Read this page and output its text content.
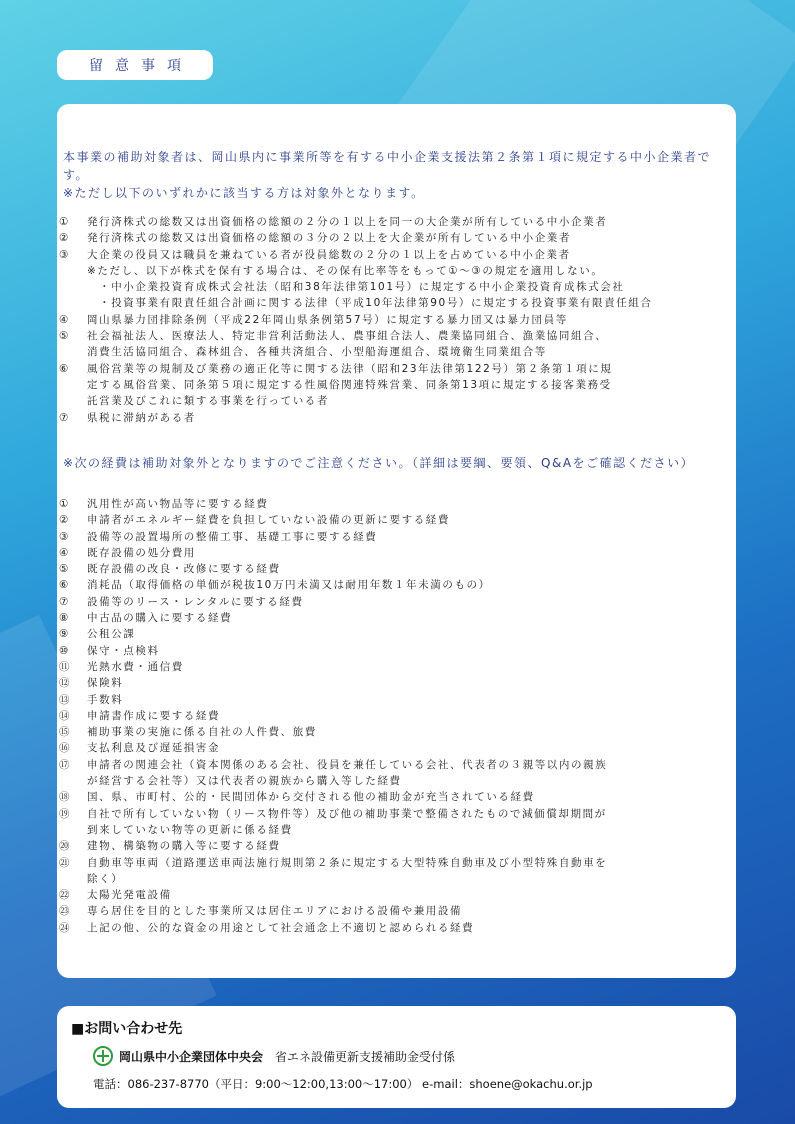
留意事項

本事業の補助対象者は、岡山県内に事業所等を有する中小企業支援法第２条第１項に規定する中小企業者です。
※ただし以下のいずれかに該当する方は対象外となります。

①	発行済株式の総数又は出資価格の総額の２分の１以上を同一の大企業が所有している中小企業者
②	発行済株式の総数又は出資価格の総額の３分の２以上を大企業が所有している中小企業者
③	大企業の役員又は職員を兼ねている者が役員総数の２分の１以上を占めている中小企業者
※ただし、以下が株式を保有する場合は、その保有比率等をもって①～③の規定を適用しない。
　・中小企業投資育成株式会社法（昭和38年法律第101号）に規定する中小企業投資育成株式会社
　・投資事業有限責任組合計画に関する法律（平成10年法律第90号）に規定する投資事業有限責任組合
④	岡山県暴力団排除条例（平成22年岡山県条例第57号）に規定する暴力団又は暴力団員等
⑤	社会福祉法人、医療法人、特定非営利活動法人、農事組合法人、農業協同組合、漁業協同組合、
消費生活協同組合、森林組合、各種共済組合、小型船海運組合、環境衛生同業組合等
⑥	風俗営業等の規制及び業務の適正化等に関する法律（昭和23年法律第122号）第２条第１項に規
定する風俗営業、同条第５項に規定する性風俗関連特殊営業、同条第13項に規定する接客業務受
託営業及びこれに類する事業を行っている者
⑦	県税に滞納がある者

※次の経費は補助対象外となりますのでご注意ください。（詳細は要綱、要領、Q&Aをご確認ください）

①	汎用性が高い物品等に要する経費
②	申請者がエネルギー経費を負担していない設備の更新に要する経費
③	設備等の設置場所の整備工事、基礎工事に要する経費
④	既存設備の処分費用
⑤	既存設備の改良・改修に要する経費
⑥	消耗品（取得価格の単価が税抜10万円未満又は耐用年数１年未満のもの）
⑦	設備等のリース・レンタルに要する経費
⑧	中古品の購入に要する経費
⑨	公租公課
⑩	保守・点検料
⑪	光熱水費・通信費
⑫	保険料
⑬	手数料
⑭	申請書作成に要する経費
⑮	補助事業の実施に係る自社の人件費、旅費
⑯	支払利息及び遅延損害金
⑰	申請者の関連会社（資本関係のある会社、役員を兼任している会社、代表者の３親等以内の親族
が経営する会社等）又は代表者の親族から購入等した経費
⑱	国、県、市町村、公的・民間団体から交付される他の補助金が充当されている経費
⑲	自社で所有していない物（リース物件等）及び他の補助事業で整備されたもので減価償却期間が
到来していない物等の更新に係る経費
⑳	建物、構築物の購入等に要する経費
㉑	自動車等車両（道路運送車両法施行規則第２条に規定する大型特殊自動車及び小型特殊自動車を
除く）
㉒	太陽光発電設備
㉓	専ら居住を目的とした事業所又は居住エリアにおける設備や兼用設備
㉔	上記の他、公的な資金の用途として社会通念上不適切と認められる経費
■お問い合わせ先
岡山県中小企業団体中央会 省エネ設備更新支援補助金受付係
電話：086-237-8770（平日：9:00～12:00,13:00～17:00） e-mail：shoene@okachu.or.jp
